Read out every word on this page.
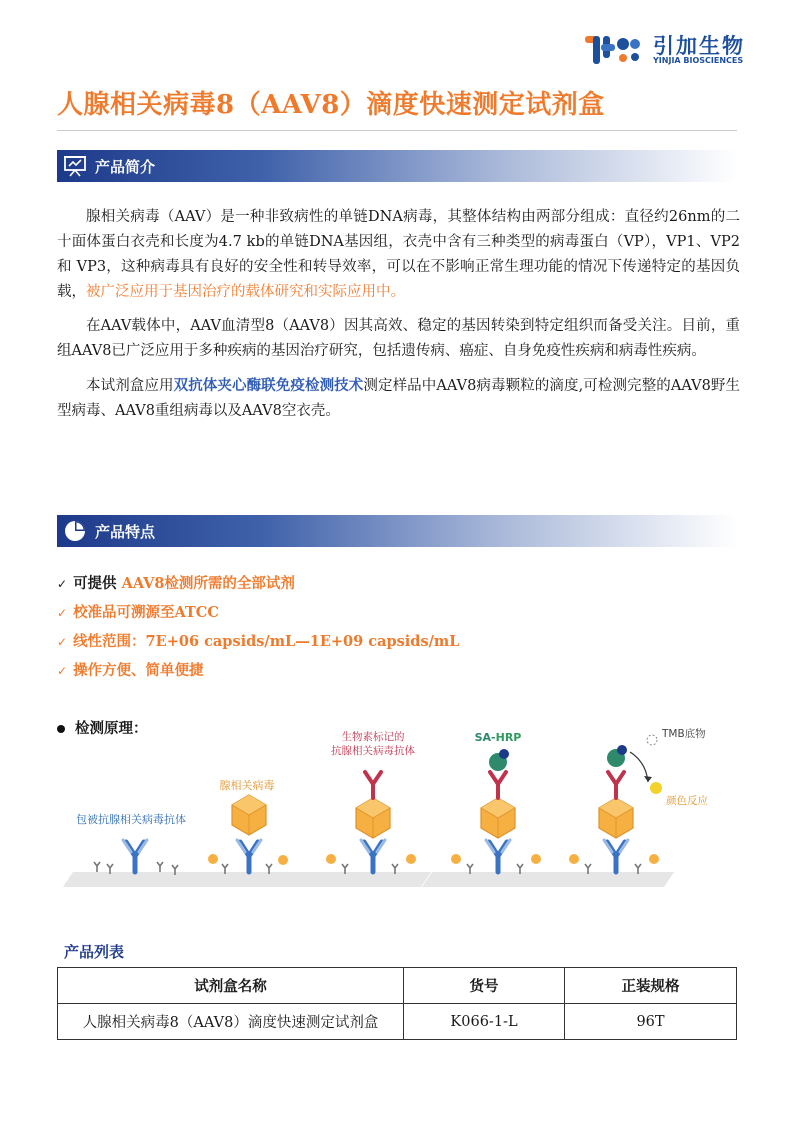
引加生物
YINJIA BIOSCIENCES
人腺相关病毒8（AAV8）滴度快速测定试剂盒
产品简介

腺相关病毒（AAV）是一种非致病性的单链DNA病毒，其整体结构由两部分组成：直径约26nm的二十面体蛋白衣壳和长度为4.7 kb的单链DNA基因组，衣壳中含有三种类型的病毒蛋白（VP），VP1、VP2 和 VP3，这种病毒具有良好的安全性和转导效率，可以在不影响正常生理功能的情况下传递特定的基因负载，被广泛应用于基因治疗的载体研究和实际应用中。

在AAV载体中，AAV血清型8（AAV8）因其高效、稳定的基因转染到特定组织而备受关注。目前，重组AAV8已广泛应用于多种疾病的基因治疗研究，包括遗传病、癌症、自身免疫性疾病和病毒性疾病。

本试剂盒应用双抗体夹心酶联免疫检测技术测定样品中AAV8病毒颗粒的滴度,可检测完整的AAV8野生型病毒、AAV8重组病毒以及AAV8空衣壳。

产品特点
✓ 可提供 AAV8检测所需的全部试剂
✓ 校准品可溯源至ATCC
✓ 线性范围：7E+06 capsids/mL—1E+09 capsids/mL
✓ 操作方便、简单便捷
检测原理：
包被抗腺相关病毒抗体
腺相关病毒
生物素标记的
抗腺相关病毒抗体
SA-HRP	TMB底物
颜色反应
产品列表
试剂盒名称	货号	正装规格
人腺相关病毒8（AAV8）滴度快速测定试剂盒	K066-1-L	96T
